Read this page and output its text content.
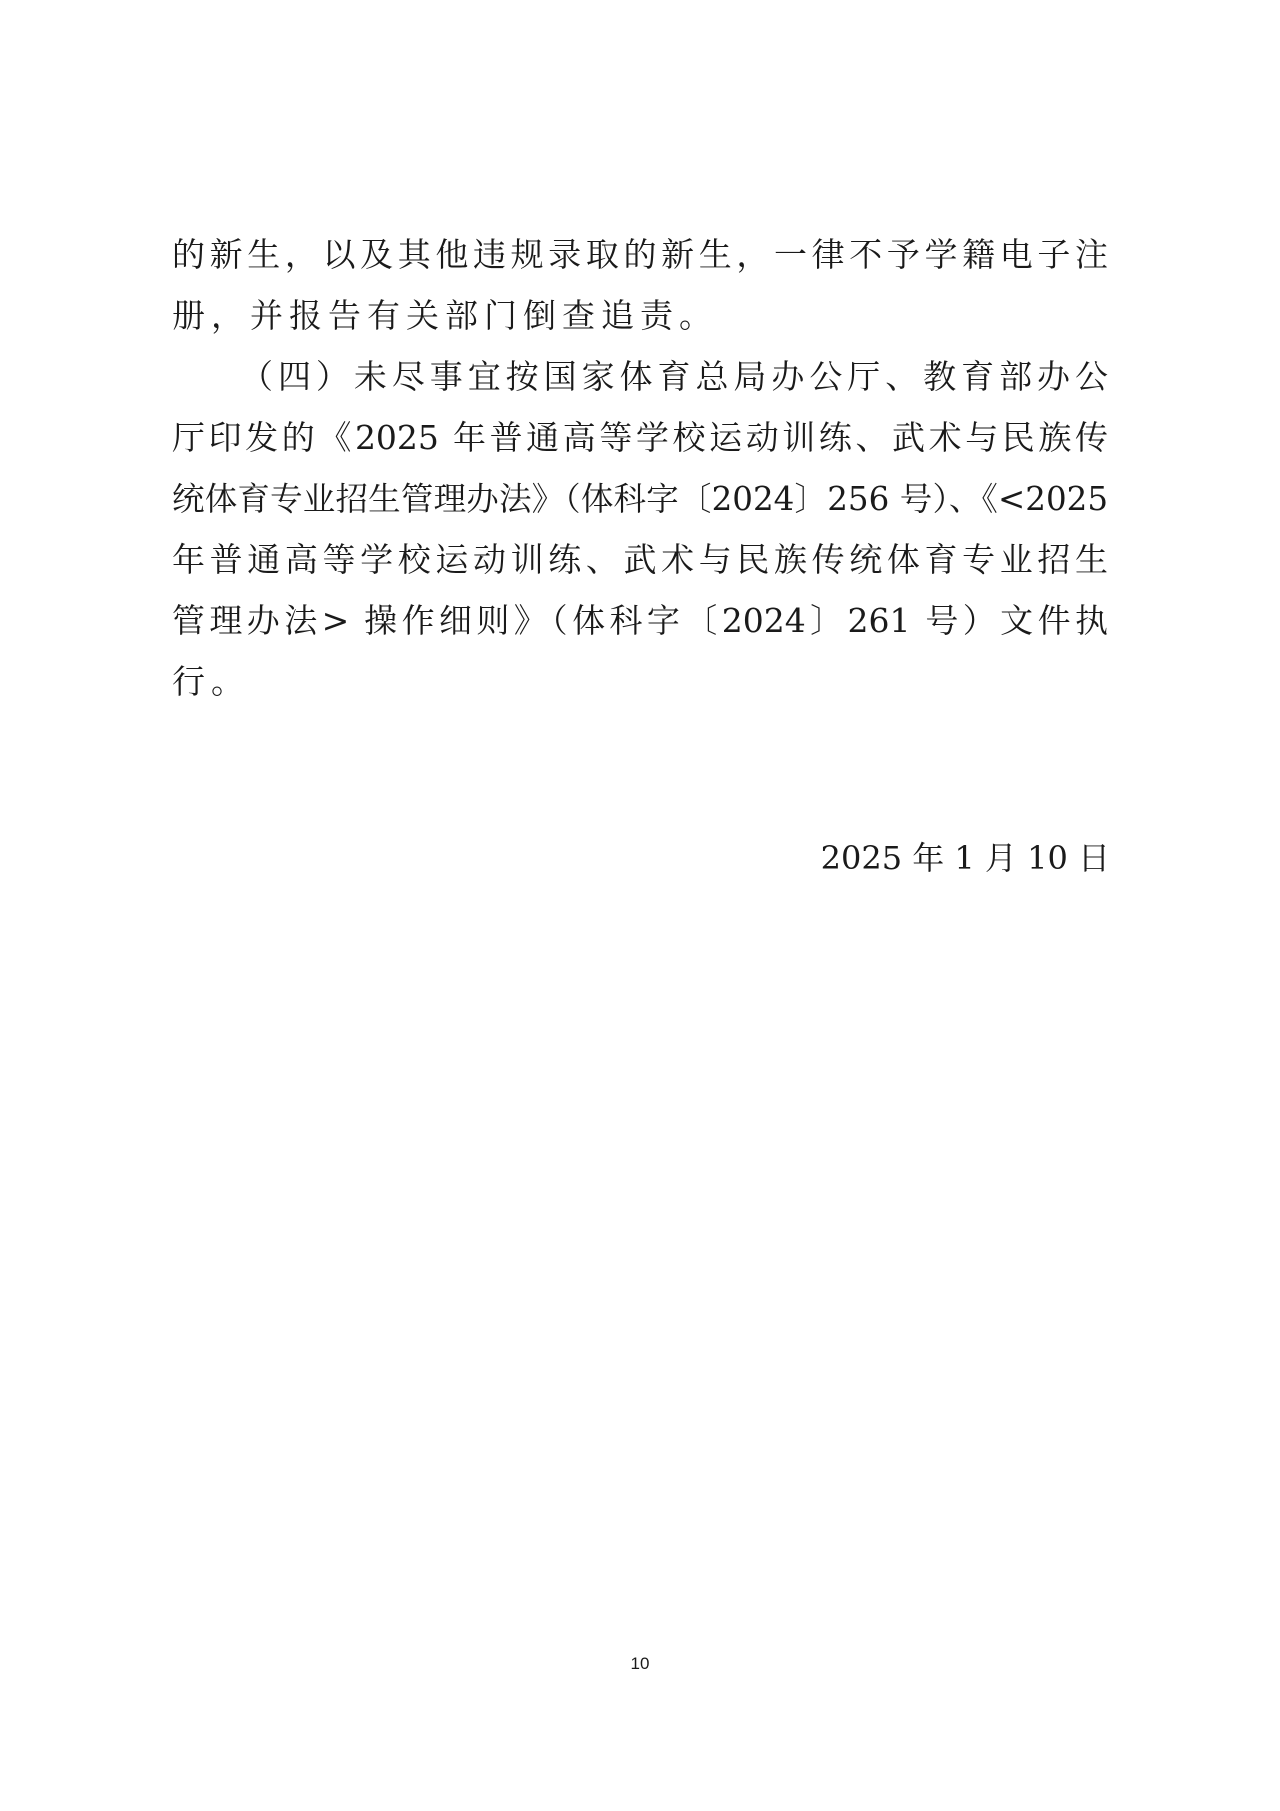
的新生，以及其他违规录取的新生，一律不予学籍电子注
册，并报告有关部门倒查追责。
（四）未尽事宜按国家体育总局办公厅、教育部办公
厅印发的《2025 年普通高等学校运动训练、武术与民族传
统体育专业招生管理办法》（体科字〔2024〕256 号）、《<2025
年普通高等学校运动训练、武术与民族传统体育专业招生
管理办法> 操作细则》（体科字〔2024〕261 号）文件执
行。
2025 年 1 月 10 日
10
